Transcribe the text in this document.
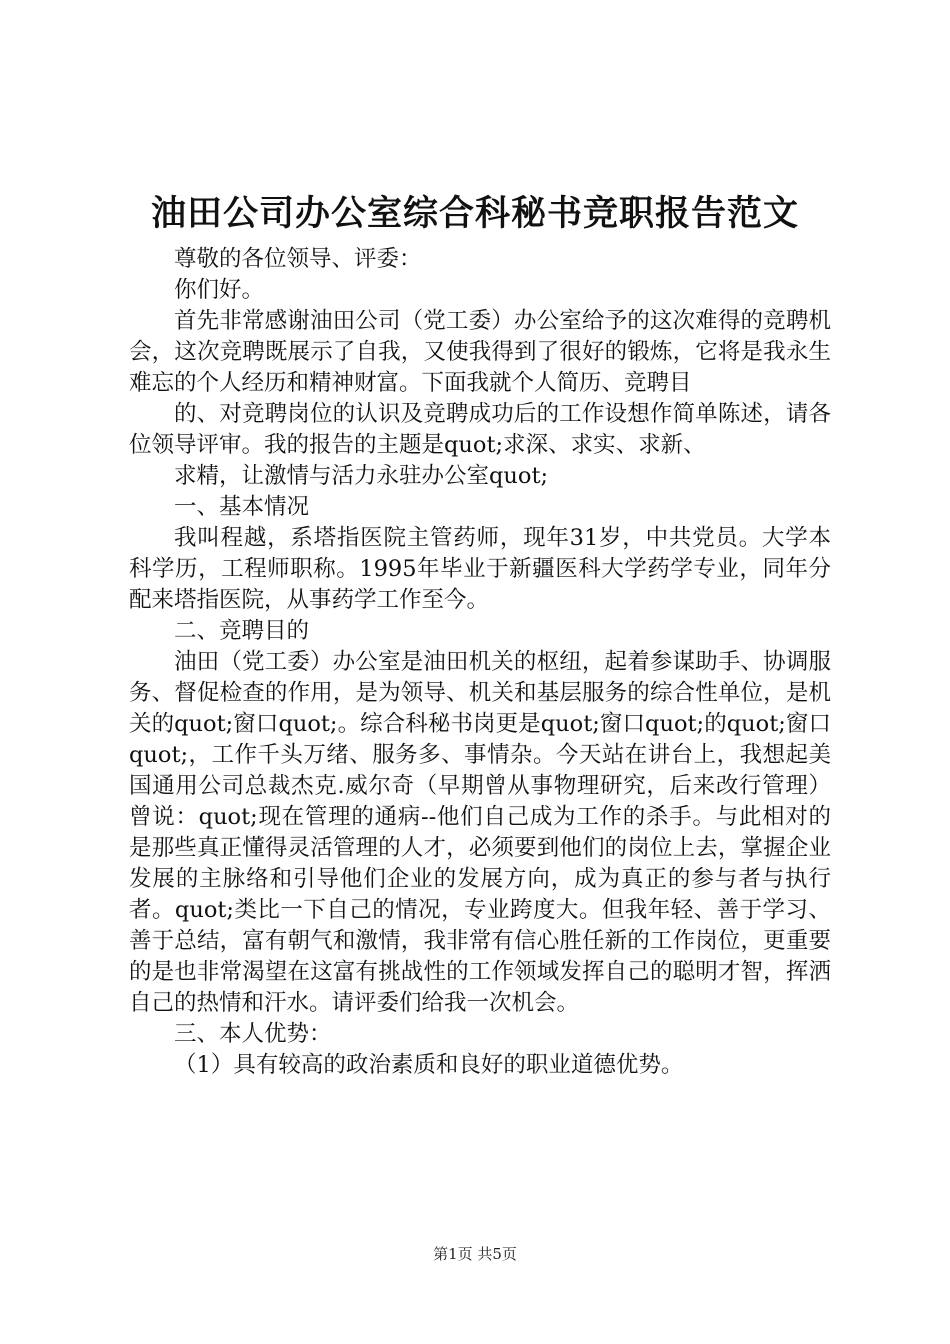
油田公司办公室综合科秘书竞职报告范文

尊敬的各位领导、评委：

你们好。

首先非常感谢油田公司（党工委）办公室给予的这次难得的竞聘机会，这次竞聘既展示了自我，又使我得到了很好的锻炼，它将是我永生难忘的个人经历和精神财富。下面我就个人简历、竞聘目

的、对竞聘岗位的认识及竞聘成功后的工作设想作简单陈述，请各位领导评审。我的报告的主题是quot;求深、求实、求新、

求精，让激情与活力永驻办公室quot;

一、基本情况

我叫程越，系塔指医院主管药师，现年31岁，中共党员。大学本科学历，工程师职称。1995年毕业于新疆医科大学药学专业，同年分配来塔指医院，从事药学工作至今。

二、竞聘目的

油田（党工委）办公室是油田机关的枢纽，起着参谋助手、协调服务、督促检查的作用，是为领导、机关和基层服务的综合性单位，是机关的quot;窗口quot;。综合科秘书岗更是quot;窗口quot;的quot;窗口quot;，工作千头万绪、服务多、事情杂。今天站在讲台上，我想起美国通用公司总裁杰克.威尔奇（早期曾从事物理研究，后来改行管理）曾说：quot;现在管理的通病--他们自己成为工作的杀手。与此相对的是那些真正懂得灵活管理的人才，必须要到他们的岗位上去，掌握企业发展的主脉络和引导他们企业的发展方向，成为真正的参与者与执行者。quot;类比一下自己的情况，专业跨度大。但我年轻、善于学习、善于总结，富有朝气和激情，我非常有信心胜任新的工作岗位，更重要的是也非常渴望在这富有挑战性的工作领域发挥自己的聪明才智，挥洒自己的热情和汗水。请评委们给我一次机会。

三、本人优势：

（1）具有较高的政治素质和良好的职业道德优势。

第1页 共5页
